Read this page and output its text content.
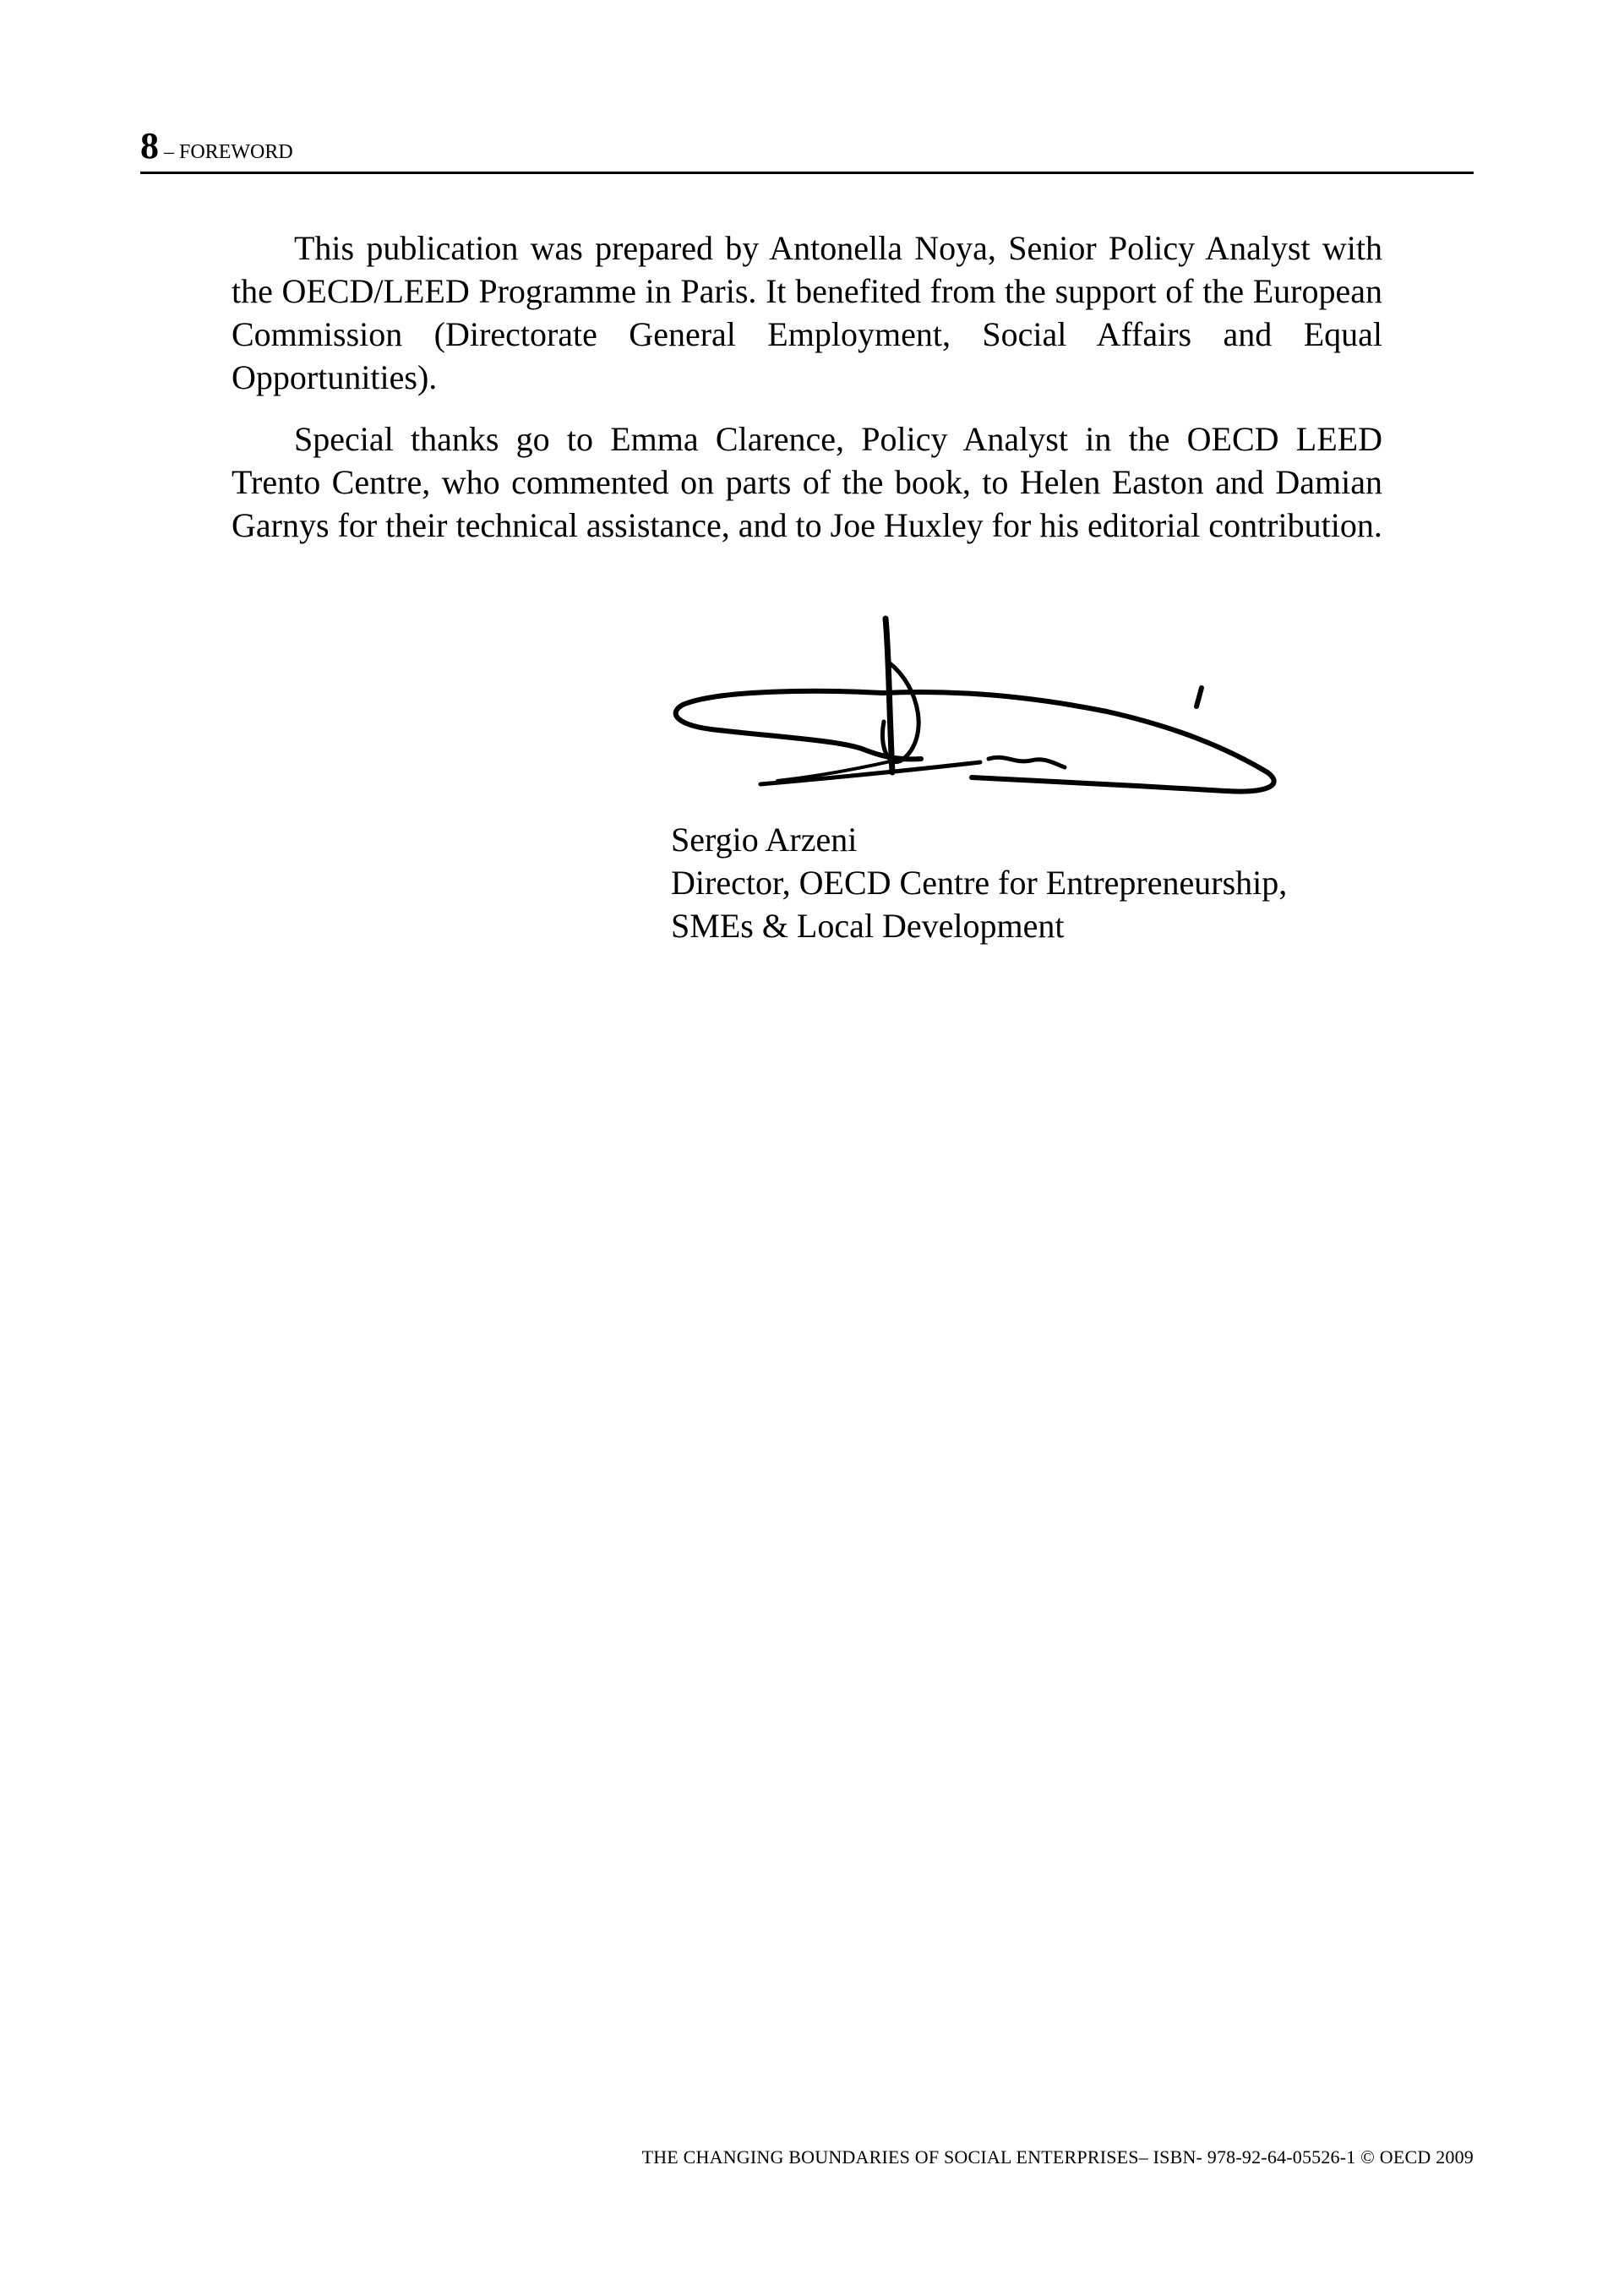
8 – FOREWORD

This publication was prepared by Antonella Noya, Senior Policy Analyst with the OECD/LEED Programme in Paris. It benefited from the support of the European Commission (Directorate General Employment, Social Affairs and Equal Opportunities).

Special thanks go to Emma Clarence, Policy Analyst in the OECD LEED Trento Centre, who commented on parts of the book, to Helen Easton and Damian Garnys for their technical assistance, and to Joe Huxley for his editorial contribution.

Sergio Arzeni
Director, OECD Centre for Entrepreneurship,
SMEs & Local Development
THE CHANGING BOUNDARIES OF SOCIAL ENTERPRISES– ISBN- 978-92-64-05526-1 © OECD 2009
